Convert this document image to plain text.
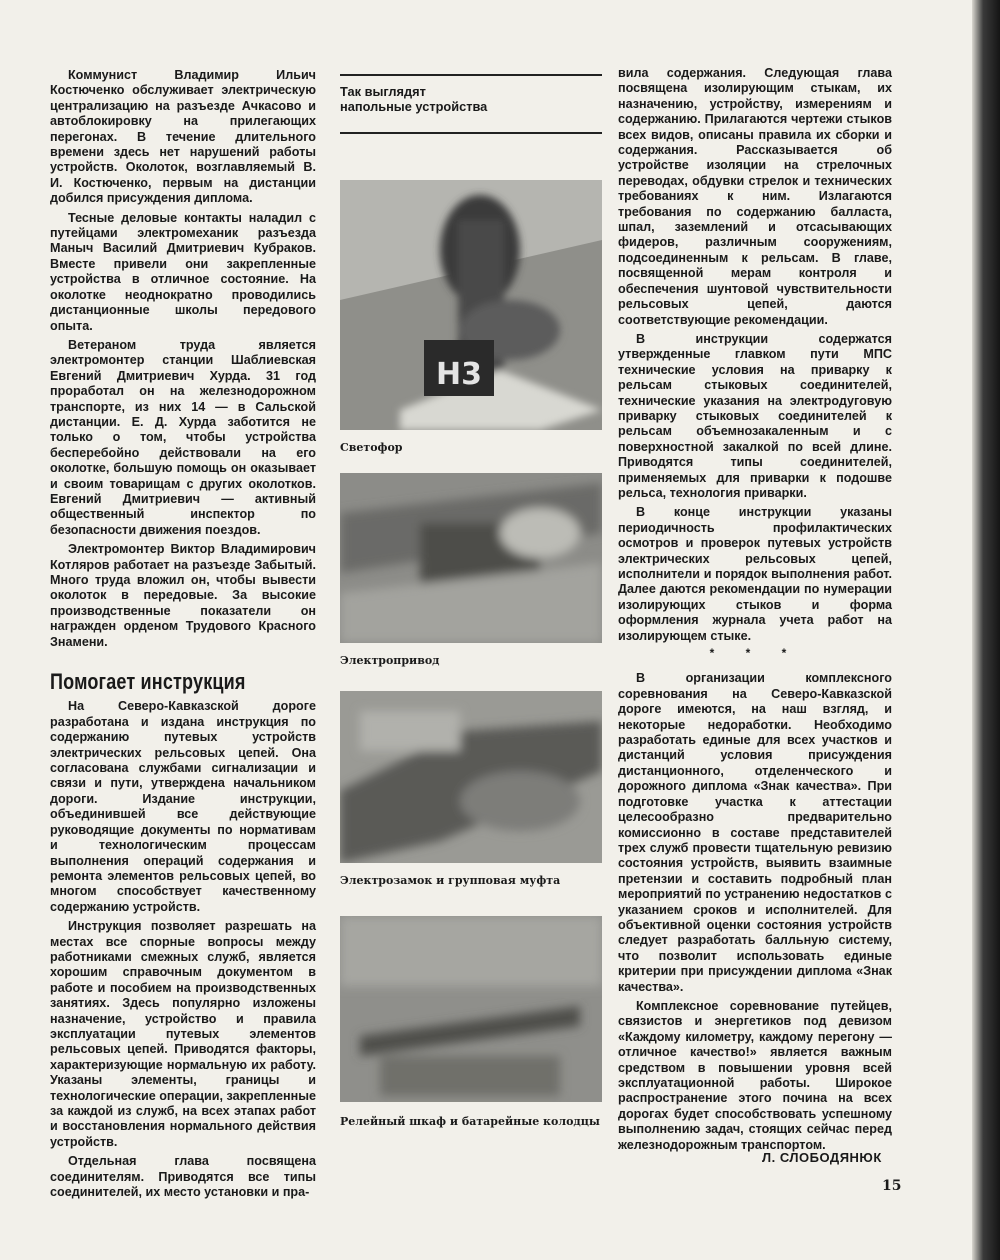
Коммунист Владимир Ильич Костюченко обслуживает электрическую централизацию на разъезде Ачкасово и автоблокировку на прилегающих перегонах. В течение длительного времени здесь нет нарушений работы устройств. Околоток, возглавляемый В. И. Костюченко, первым на дистанции добился присуждения диплома.

Тесные деловые контакты наладил с путейцами электромеханик разъезда Маныч Василий Дмитриевич Кубраков. Вместе привели они закрепленные устройства в отличное состояние. На околотке неоднократно проводились дистанционные школы передового опыта.

Ветераном труда является электромонтер станции Шаблиевская Евгений Дмитриевич Хурда. 31 год проработал он на железнодорожном транспорте, из них 14 — в Сальской дистанции. Е. Д. Хурда заботится не только о том, чтобы устройства бесперебойно действовали на его околотке, большую помощь он оказывает и своим товарищам с других околотков. Евгений Дмитриевич — активный общественный инспектор по безопасности движения поездов.

Электромонтер Виктор Владимирович Котляров работает на разъезде Забытый. Много труда вложил он, чтобы вывести околоток в передовые. За высокие производственные показатели он награжден орденом Трудового Красного Знамени.

Помогает инструкция

На Северо-Кавказской дороге разработана и издана инструкция по содержанию путевых устройств электрических рельсовых цепей. Она согласована службами сигнализации и связи и пути, утверждена начальником дороги. Издание инструкции, объединившей все действующие руководящие документы по нормативам и технологическим процессам выполнения операций содержания и ремонта элементов рельсовых цепей, во многом способствует качественному содержанию устройств.

Инструкция позволяет разрешать на местах все спорные вопросы между работниками смежных служб, является хорошим справочным документом в работе и пособием на производственных занятиях. Здесь популярно изложены назначение, устройство и правила эксплуатации путевых элементов рельсовых цепей. Приводятся факторы, характеризующие нормальную их работу. Указаны элементы, границы и технологические операции, закрепленные за каждой из служб, на всех этапах работ и восстановления нормального действия устройств.

Отдельная глава посвящена соединителям. Приводятся все типы соединителей, их место установки и пра-

Так выглядят
напольные устройства
Н3
Светофор
Электропривод
Электрозамок и групповая муфта
Релейный шкаф и батарейные колодцы

вила содержания. Следующая глава посвящена изолирующим стыкам, их назначению, устройству, измерениям и содержанию. Прилагаются чертежи стыков всех видов, описаны правила их сборки и содержания. Рассказывается об устройстве изоляции на стрелочных переводах, обдувки стрелок и технических требованиях к ним. Излагаются требования по содержанию балласта, шпал, заземлений и отсасывающих фидеров, различным сооружениям, подсоединенным к рельсам. В главе, посвященной мерам контроля и обеспечения шунтовой чувствительности рельсовых цепей, даются соответствующие рекомендации.

В инструкции содержатся утвержденные главком пути МПС технические условия на приварку к рельсам стыковых соединителей, технические указания на электродуговую приварку стыковых соединителей к рельсам объемнозакаленным и с поверхностной закалкой по всей длине. Приводятся типы соединителей, применяемых для приварки к подошве рельса, технология приварки.

В конце инструкции указаны периодичность профилактических осмотров и проверок путевых устройств электрических рельсовых цепей, исполнители и порядок выполнения работ. Далее даются рекомендации по нумерации изолирующих стыков и форма оформления журнала учета работ на изолирующем стыке.

* * *

В организации комплексного соревнования на Северо-Кавказской дороге имеются, на наш взгляд, и некоторые недоработки. Необходимо разработать единые для всех участков и дистанций условия присуждения дистанционного, отделенческого и дорожного диплома «Знак качества». При подготовке участка к аттестации целесообразно предварительно комиссионно в составе представителей трех служб провести тщательную ревизию состояния устройств, выявить взаимные претензии и составить подробный план мероприятий по устранению недостатков с указанием сроков и исполнителей. Для объективной оценки состояния устройств следует разработать балльную систему, что позволит использовать единые критерии при присуждении диплома «Знак качества».

Комплексное соревнование путейцев, связистов и энергетиков под девизом «Каждому километру, каждому перегону — отличное качество!» является важным средством в повышении уровня всей эксплуатационной работы. Широкое распространение этого почина на всех дорогах будет способствовать успешному выполнению задач, стоящих сейчас перед железнодорожным транспортом.

Л. СЛОБОДЯНЮК
15
